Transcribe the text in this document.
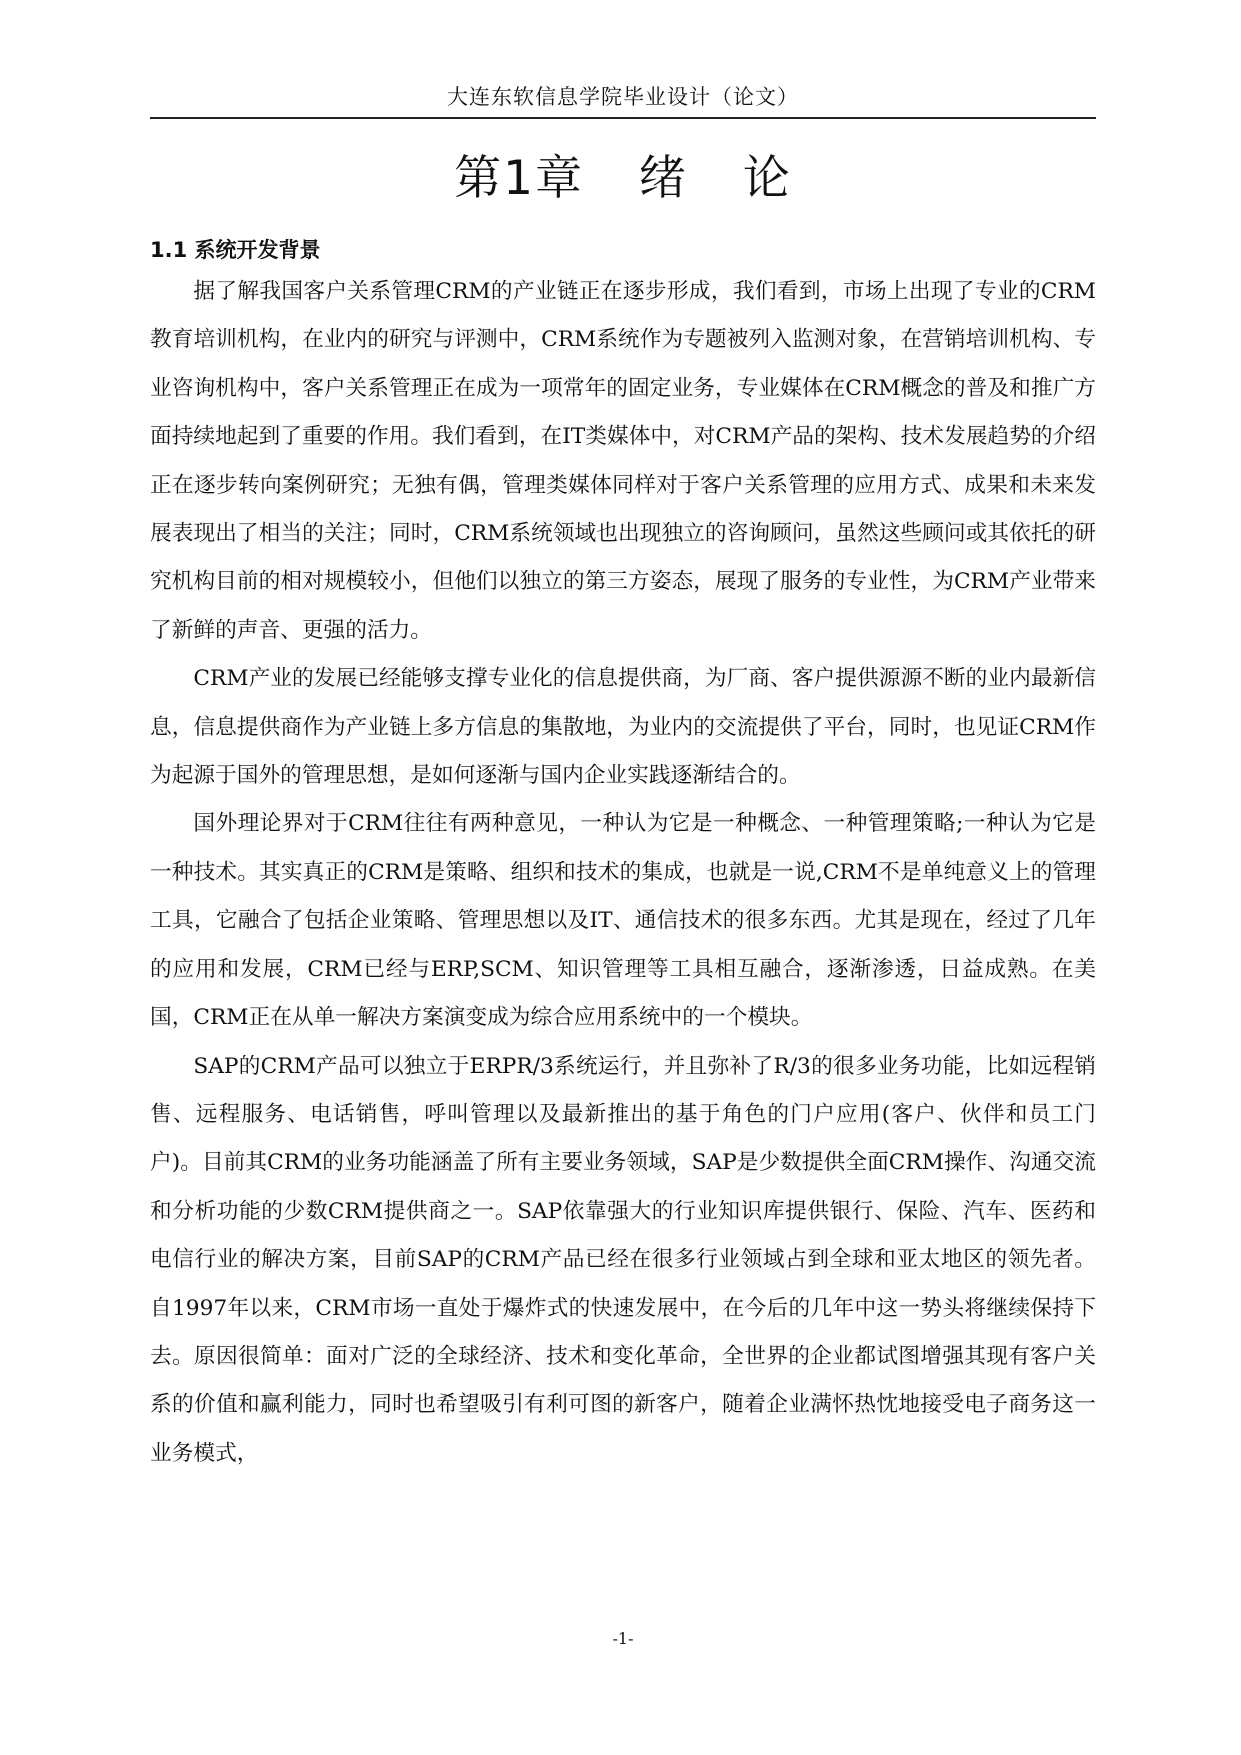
大连东软信息学院毕业设计（论文）
第1章 绪 论
1.1 系统开发背景

据了解我国客户关系管理CRM的产业链正在逐步形成，我们看到，市场上出现了专业的CRM教育培训机构，在业内的研究与评测中，CRM系统作为专题被列入监测对象，在营销培训机构、专业咨询机构中，客户关系管理正在成为一项常年的固定业务，专业媒体在CRM概念的普及和推广方面持续地起到了重要的作用。我们看到，在IT类媒体中，对CRM产品的架构、技术发展趋势的介绍正在逐步转向案例研究；无独有偶，管理类媒体同样对于客户关系管理的应用方式、成果和未来发展表现出了相当的关注；同时，CRM系统领域也出现独立的咨询顾问，虽然这些顾问或其依托的研究机构目前的相对规模较小，但他们以独立的第三方姿态，展现了服务的专业性，为CRM产业带来了新鲜的声音、更强的活力。

CRM产业的发展已经能够支撑专业化的信息提供商，为厂商、客户提供源源不断的业内最新信息，信息提供商作为产业链上多方信息的集散地，为业内的交流提供了平台，同时，也见证CRM作为起源于国外的管理思想，是如何逐渐与国内企业实践逐渐结合的。

国外理论界对于CRM往往有两种意见，一种认为它是一种概念、一种管理策略;一种认为它是一种技术。其实真正的CRM是策略、组织和技术的集成，也就是一说,CRM不是单纯意义上的管理工具，它融合了包括企业策略、管理思想以及IT、通信技术的很多东西。尤其是现在，经过了几年的应用和发展，CRM已经与ERP,SCM、知识管理等工具相互融合，逐渐渗透，日益成熟。在美国，CRM正在从单一解决方案演变成为综合应用系统中的一个模块。

SAP的CRM产品可以独立于ERPR/3系统运行，并且弥补了R/3的很多业务功能，比如远程销售、远程服务、电话销售，呼叫管理以及最新推出的基于角色的门户应用(客户、伙伴和员工门户)。目前其CRM的业务功能涵盖了所有主要业务领域，SAP是少数提供全面CRM操作、沟通交流和分析功能的少数CRM提供商之一。SAP依靠强大的行业知识库提供银行、保险、汽车、医药和电信行业的解决方案，目前SAP的CRM产品已经在很多行业领域占到全球和亚太地区的领先者。自1997年以来，CRM市场一直处于爆炸式的快速发展中，在今后的几年中这一势头将继续保持下去。原因很简单：面对广泛的全球经济、技术和变化革命，全世界的企业都试图增强其现有客户关系的价值和赢利能力，同时也希望吸引有利可图的新客户，随着企业满怀热忱地接受电子商务这一业务模式，

-1-
